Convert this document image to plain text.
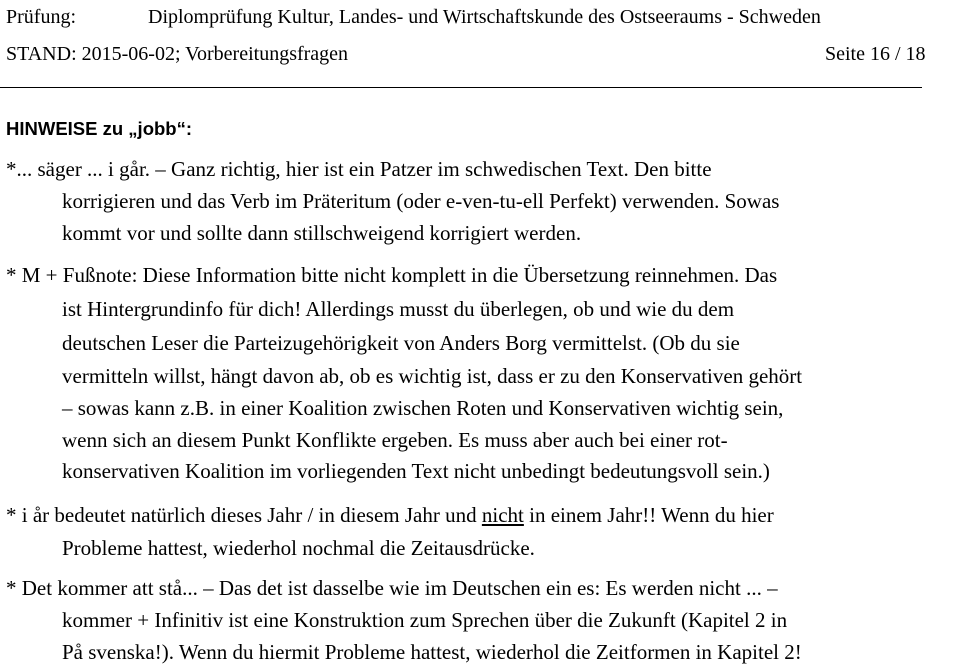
Prüfung:	Diplomprüfung Kultur, Landes- und Wirtschaftskunde des Ostseeraums - Schweden
STAND: 2015-06-02; Vorbereitungsfragen	Seite 16 / 18
HINWEISE zu „jobb“:
*... säger ... i går. – Ganz richtig, hier ist ein Patzer im schwedischen Text. Den bitte
korrigieren und das Verb im Präteritum (oder e-ven-tu-ell Perfekt) verwenden. Sowas
kommt vor und sollte dann stillschweigend korrigiert werden.
* M + Fußnote: Diese Information bitte nicht komplett in die Übersetzung reinnehmen. Das
ist Hintergrundinfo für dich! Allerdings musst du überlegen, ob und wie du dem
deutschen Leser die Parteizugehörigkeit von Anders Borg vermittelst. (Ob du sie
vermitteln willst, hängt davon ab, ob es wichtig ist, dass er zu den Konservativen gehört
– sowas kann z.B. in einer Koalition zwischen Roten und Konservativen wichtig sein,
wenn sich an diesem Punkt Konflikte ergeben. Es muss aber auch bei einer rot-
konservativen Koalition im vorliegenden Text nicht unbedingt bedeutungsvoll sein.)
* i år bedeutet natürlich dieses Jahr / in diesem Jahr und nicht in einem Jahr!! Wenn du hier
Probleme hattest, wiederhol nochmal die Zeitausdrücke.
* Det kommer att stå... – Das det ist dasselbe wie im Deutschen ein es: Es werden nicht ... –
kommer + Infinitiv ist eine Konstruktion zum Sprechen über die Zukunft (Kapitel 2 in
På svenska!). Wenn du hiermit Probleme hattest, wiederhol die Zeitformen in Kapitel 2!
